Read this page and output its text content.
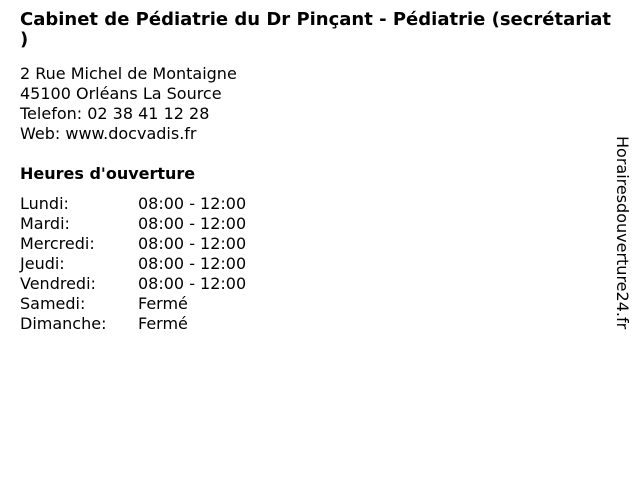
Cabinet de Pédiatrie du Dr Pinçant - Pédiatrie (secrétariat )
2 Rue Michel de Montaigne
45100 Orléans La Source
Telefon: 02 38 41 12 28
Web: www.docvadis.fr
Heures d'ouverture
Lundi:	08:00 - 12:00
Mardi:	08:00 - 12:00
Mercredi:	08:00 - 12:00
Jeudi:	08:00 - 12:00
Vendredi:	08:00 - 12:00
Samedi:	Fermé
Dimanche:	Fermé	Horairesdouverture24.fr
